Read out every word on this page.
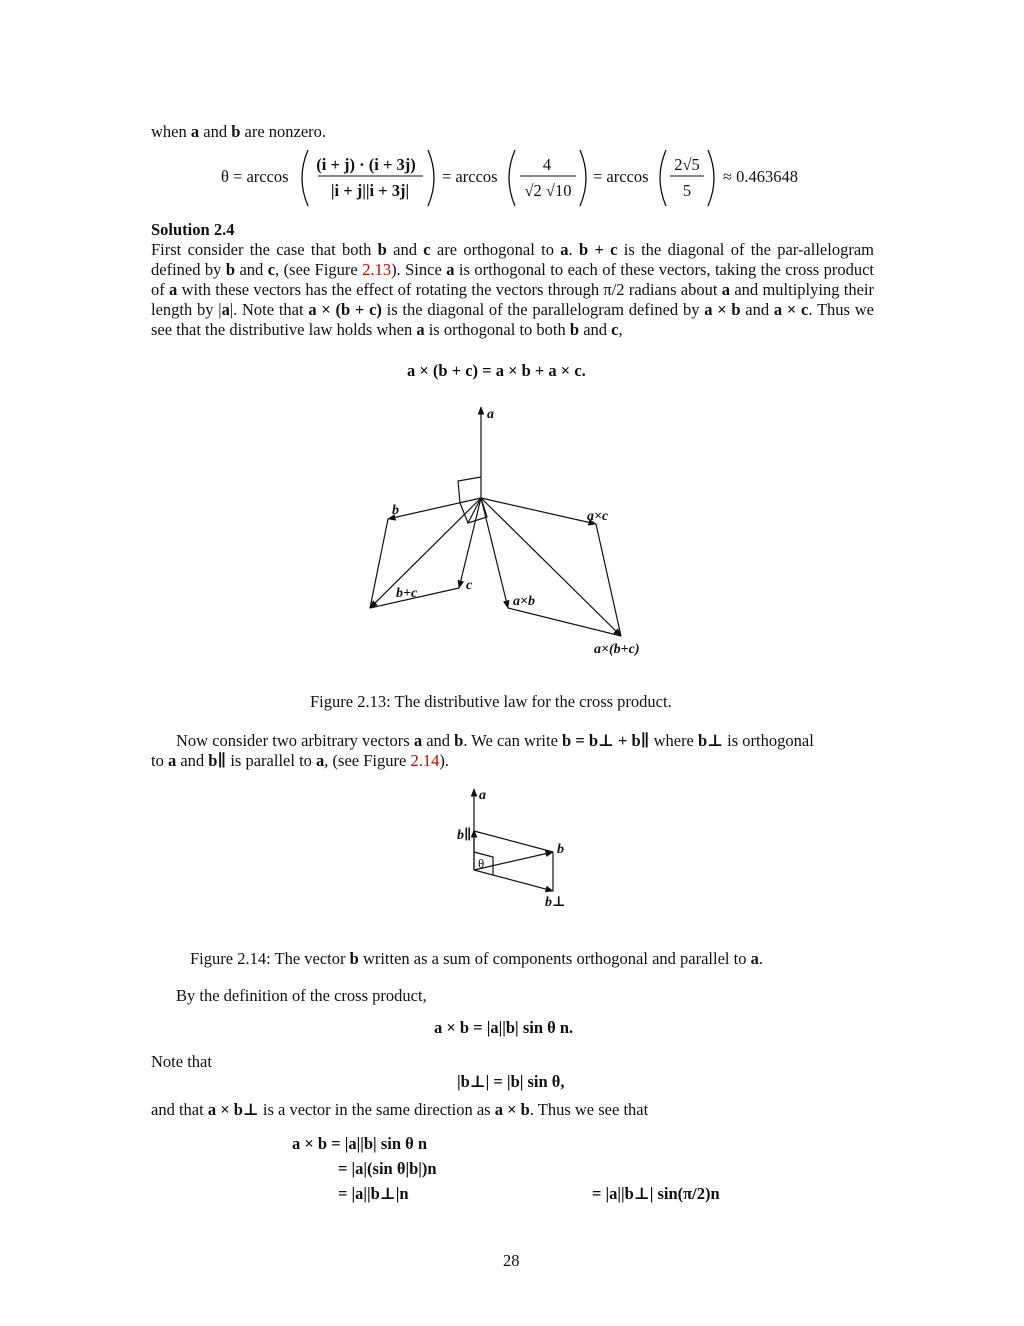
when a and b are nonzero.
θ = arccos
(i + j) · (i + 3j)
|i + j||i + 3j|
= arccos
4
√2 √10
= arccos
2√5
5
≈ 0.463648
Solution 2.4
First consider the case that both b and c are orthogonal to a. b + c is the diagonal of the par-allelogram defined by b and c, (see Figure 2.13). Since a is orthogonal to each of these vectors, taking the cross product of a with these vectors has the effect of rotating the vectors through π/2 radians about a and multiplying their length by |a|. Note that a × (b + c) is the diagonal of the parallelogram defined by a × b and a × c. Thus we see that the distributive law holds when a is orthogonal to both b and c,
a × (b + c) = a × b + a × c.
a
b
c
b+c
a×c
a×b
a×(b+c)
Figure 2.13: The distributive law for the cross product.
Now consider two arbitrary vectors a and b. We can write b = b⊥ + b∥ where b⊥ is orthogonal
to a and b∥ is parallel to a, (see Figure 2.14).
a
b
b∥
b⊥
θ
Figure 2.14: The vector b written as a sum of components orthogonal and parallel to a.
By the definition of the cross product,
a × b = |a||b| sin θ n.
Note that
|b⊥| = |b| sin θ,
and that a × b⊥ is a vector in the same direction as a × b. Thus we see that
a × b = |a||b| sin θ n
= |a|(sin θ|b|)n
= |a||b⊥|n	= |a||b⊥| sin(π/2)n
28
